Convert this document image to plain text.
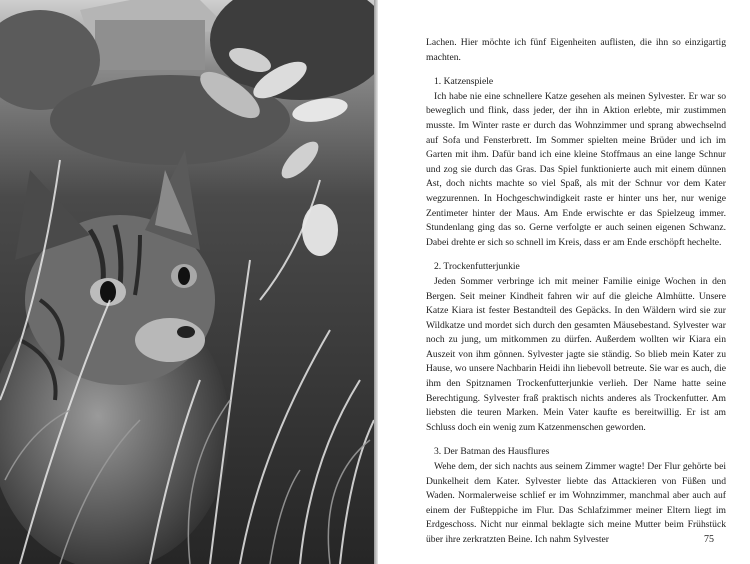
Lachen. Hier möchte ich fünf Eigenheiten auflisten, die ihn so einzigartig machten.

1. Katzenspiele

Ich habe nie eine schnellere Katze gesehen als meinen Sylvester. Er war so beweglich und flink, dass jeder, der ihn in Aktion erlebte, mir zustimmen musste. Im Winter raste er durch das Wohnzimmer und sprang abwechselnd auf Sofa und Fensterbrett. Im Sommer spielten meine Brüder und ich im Garten mit ihm. Dafür band ich eine kleine Stoffmaus an eine lange Schnur und zog sie durch das Gras. Das Spiel funktionierte auch mit einem dünnen Ast, doch nichts machte so viel Spaß, als mit der Schnur vor dem Kater wegzurennen. In Hochgeschwindigkeit raste er hinter uns her, nur wenige Zentimeter hinter der Maus. Am Ende erwischte er das Spielzeug immer. Stundenlang ging das so. Gerne verfolgte er auch seinen eigenen Schwanz. Dabei drehte er sich so schnell im Kreis, dass er am Ende erschöpft hechelte.

2. Trockenfutterjunkie

Jeden Sommer verbringe ich mit meiner Familie einige Wochen in den Bergen. Seit meiner Kindheit fahren wir auf die gleiche Almhütte. Unsere Katze Kiara ist fester Bestandteil des Gepäcks. In den Wäldern wird sie zur Wildkatze und mordet sich durch den gesamten Mäusebestand. Sylvester war noch zu jung, um mitkommen zu dürfen. Außerdem wollten wir Kiara ein Auszeit von ihm gönnen. Sylvester jagte sie ständig. So blieb mein Kater zu Hause, wo unsere Nachbarin Heidi ihn liebevoll betreute. Sie war es auch, die ihm den Spitznamen Trockenfutterjunkie verlieh. Der Name hatte seine Berechtigung. Sylvester fraß praktisch nichts anderes als Trockenfutter. Am liebsten die teuren Marken. Mein Vater kaufte es bereitwillig. Er ist am Schluss doch ein wenig zum Katzenmenschen geworden.

3. Der Batman des Hausflures

Wehe dem, der sich nachts aus seinem Zimmer wagte! Der Flur gehörte bei Dunkelheit dem Kater. Sylvester liebte das Attackieren von Füßen und Waden. Normalerweise schlief er im Wohnzimmer, manchmal aber auch auf einem der Fußteppiche im Flur. Das Schlafzimmer meiner Eltern liegt im Erdgeschoss. Nicht nur einmal beklagte sich meine Mutter beim Frühstück über ihre zerkratzten Beine. Ich nahm Sylvester	75
